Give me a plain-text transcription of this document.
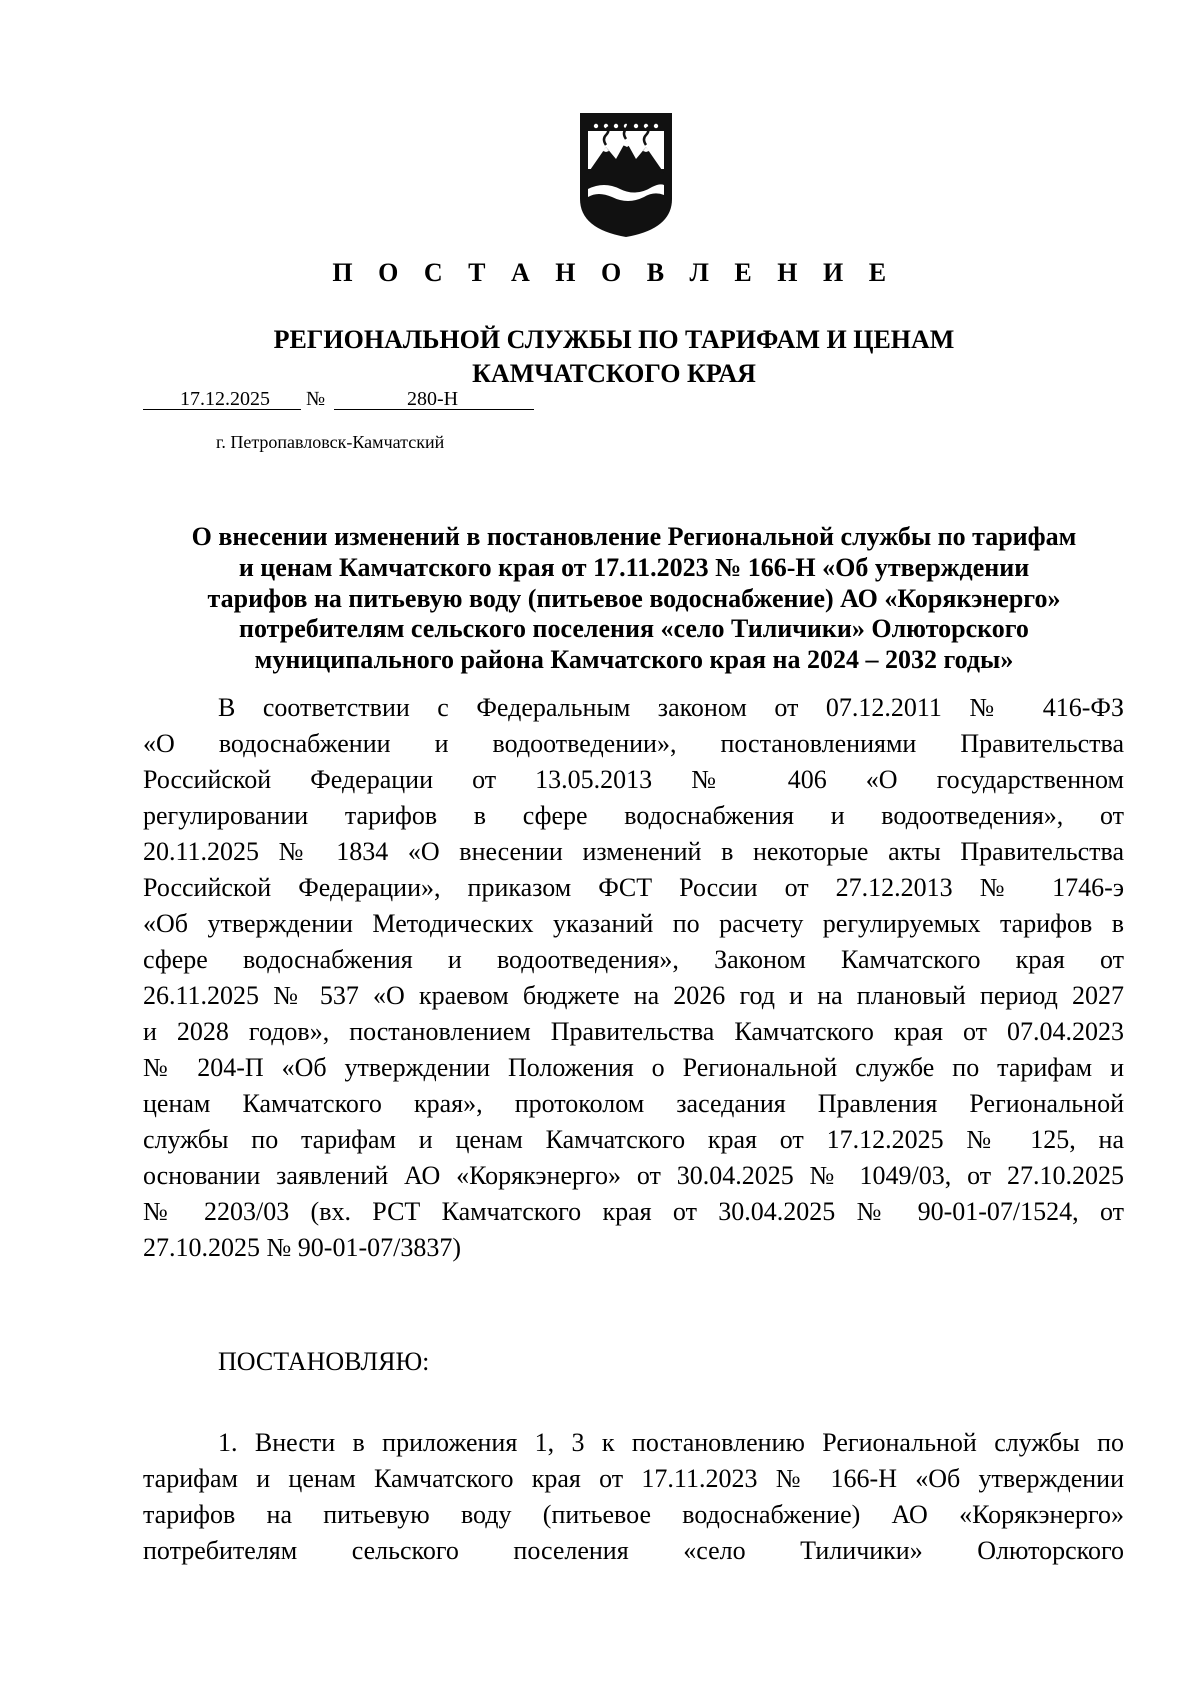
П О С Т А Н О В Л Е Н И Е
РЕГИОНАЛЬНОЙ СЛУЖБЫ ПО ТАРИФАМ И ЦЕНАМ
КАМЧАТСКОГО КРАЯ
17.12.2025 №	280-Н
г. Петропавловск-Камчатский
О внесении изменений в постановление Региональной службы по тарифам
и ценам Камчатского края от 17.11.2023 № 166-Н «Об утверждении
тарифов на питьевую воду (питьевое водоснабжение) АО «Корякэнерго»
потребителям сельского поселения «село Тиличики» Олюторского
муниципального района Камчатского края на 2024 – 2032 годы»

В соответствии с Федеральным законом от 07.12.2011 № 416-ФЗ

«О водоснабжении и водоотведении», постановлениями Правительства

Российской Федерации от 13.05.2013 № 406 «О государственном

регулировании тарифов в сфере водоснабжения и водоотведения», от

20.11.2025 № 1834 «О внесении изменений в некоторые акты Правительства

Российской Федерации», приказом ФСТ России от 27.12.2013 № 1746-э

«Об утверждении Методических указаний по расчету регулируемых тарифов в

сфере водоснабжения и водоотведения», Законом Камчатского края от

26.11.2025 № 537 «О краевом бюджете на 2026 год и на плановый период 2027

и 2028 годов», постановлением Правительства Камчатского края от 07.04.2023

№ 204-П «Об утверждении Положения о Региональной службе по тарифам и

ценам Камчатского края», протоколом заседания Правления Региональной

службы по тарифам и ценам Камчатского края от 17.12.2025 № 125, на

основании заявлений АО «Корякэнерго» от 30.04.2025 № 1049/03, от 27.10.2025

№ 2203/03 (вх. РСТ Камчатского края от 30.04.2025 № 90-01-07/1524, от

27.10.2025 № 90-01-07/3837)

ПОСТАНОВЛЯЮ:

1. Внести в приложения 1, 3 к постановлению Региональной службы по

тарифам и ценам Камчатского края от 17.11.2023 № 166-Н «Об утверждении

тарифов на питьевую воду (питьевое водоснабжение) АО «Корякэнерго»

потребителям сельского поселения «село Тиличики» Олюторского
